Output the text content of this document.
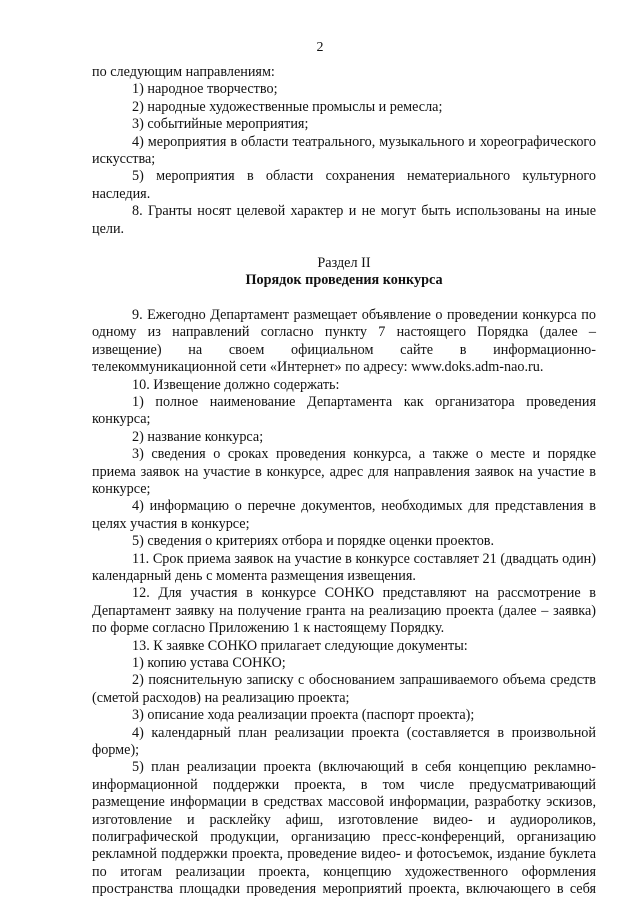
2

по следующим направлениям:

1) народное творчество;

2) народные художественные промыслы и ремесла;

3) событийные мероприятия;

4) мероприятия в области театрального, музыкального и хореографического искусства;

5) мероприятия в области сохранения нематериального культурного наследия.

8. Гранты носят целевой характер и не могут быть использованы на иные цели.

Раздел II

Порядок проведения конкурса

9. Ежегодно Департамент размещает объявление о проведении конкурса по одному из направлений согласно пункту 7 настоящего Порядка (далее – извещение) на своем официальном сайте в информационно-телекоммуникационной сети «Интернет» по адресу: www.doks.adm-nao.ru.

10. Извещение должно содержать:

1) полное наименование Департамента как организатора проведения конкурса;

2) название конкурса;

3) сведения о сроках проведения конкурса, а также о месте и порядке приема заявок на участие в конкурсе, адрес для направления заявок на участие в конкурсе;

4) информацию о перечне документов, необходимых для представления в целях участия в конкурсе;

5) сведения о критериях отбора и порядке оценки проектов.

11. Срок приема заявок на участие в конкурсе составляет 21 (двадцать один) календарный день с момента размещения извещения.

12. Для участия в конкурсе СОНКО представляют на рассмотрение в Департамент заявку на получение гранта на реализацию проекта (далее – заявка) по форме согласно Приложению 1 к настоящему Порядку.

13. К заявке СОНКО прилагает следующие документы:

1) копию устава СОНКО;

2) пояснительную записку с обоснованием запрашиваемого объема средств (сметой расходов) на реализацию проекта;

3) описание хода реализации проекта (паспорт проекта);

4) календарный план реализации проекта (составляется в произвольной форме);

5) план реализации проекта (включающий в себя концепцию рекламно-информационной поддержки проекта, в том числе предусматривающий размещение информации в средствах массовой информации, разработку эскизов, изготовление и расклейку афиш, изготовление видео- и аудиороликов, полиграфической продукции, организацию пресс-конференций, организацию рекламной поддержки проекта, проведение видео- и фотосъемок, издание буклета по итогам реализации проекта, концепцию художественного оформления пространства площадки проведения мероприятий проекта, включающего в себя
